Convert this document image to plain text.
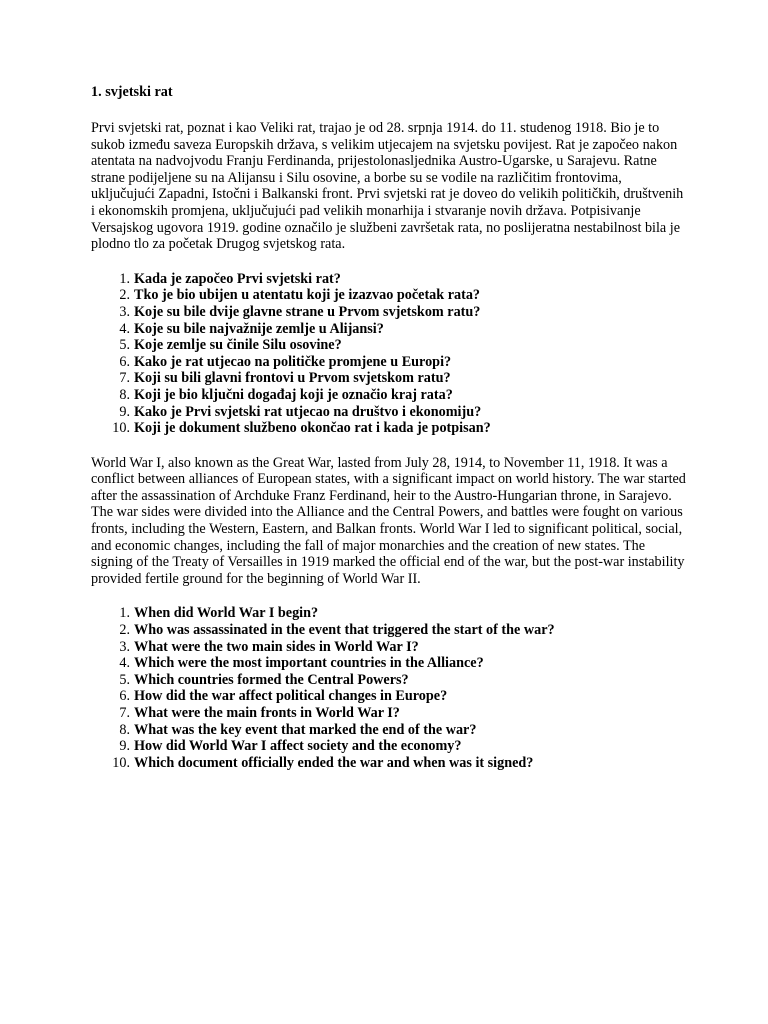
1. svjetski rat
Prvi svjetski rat, poznat i kao Veliki rat, trajao je od 28. srpnja 1914. do 11. studenog 1918. Bio je to sukob između saveza Europskih država, s velikim utjecajem na svjetsku povijest. Rat je započeo nakon atentata na nadvojvodu Franju Ferdinanda, prijestolonasljednika Austro-Ugarske, u Sarajevu. Ratne strane podijeljene su na Alijansu i Silu osovine, a borbe su se vodile na različitim frontovima, uključujući Zapadni, Istočni i Balkanski front. Prvi svjetski rat je doveo do velikih političkih, društvenih i ekonomskih promjena, uključujući pad velikih monarhija i stvaranje novih država. Potpisivanje Versajskog ugovora 1919. godine označilo je službeni završetak rata, no poslijeratna nestabilnost bila je plodno tlo za početak Drugog svjetskog rata.
1. Kada je započeo Prvi svjetski rat?
2. Tko je bio ubijen u atentatu koji je izazvao početak rata?
3. Koje su bile dvije glavne strane u Prvom svjetskom ratu?
4. Koje su bile najvažnije zemlje u Alijansi?
5. Koje zemlje su činile Silu osovine?
6. Kako je rat utjecao na političke promjene u Europi?
7. Koji su bili glavni frontovi u Prvom svjetskom ratu?
8. Koji je bio ključni događaj koji je označio kraj rata?
9. Kako je Prvi svjetski rat utjecao na društvo i ekonomiju?
10. Koji je dokument službeno okončao rat i kada je potpisan?
World War I, also known as the Great War, lasted from July 28, 1914, to November 11, 1918. It was a conflict between alliances of European states, with a significant impact on world history. The war started after the assassination of Archduke Franz Ferdinand, heir to the Austro-Hungarian throne, in Sarajevo. The war sides were divided into the Alliance and the Central Powers, and battles were fought on various fronts, including the Western, Eastern, and Balkan fronts. World War I led to significant political, social, and economic changes, including the fall of major monarchies and the creation of new states. The signing of the Treaty of Versailles in 1919 marked the official end of the war, but the post-war instability provided fertile ground for the beginning of World War II.
1. When did World War I begin?
2. Who was assassinated in the event that triggered the start of the war?
3. What were the two main sides in World War I?
4. Which were the most important countries in the Alliance?
5. Which countries formed the Central Powers?
6. How did the war affect political changes in Europe?
7. What were the main fronts in World War I?
8. What was the key event that marked the end of the war?
9. How did World War I affect society and the economy?
10. Which document officially ended the war and when was it signed?
